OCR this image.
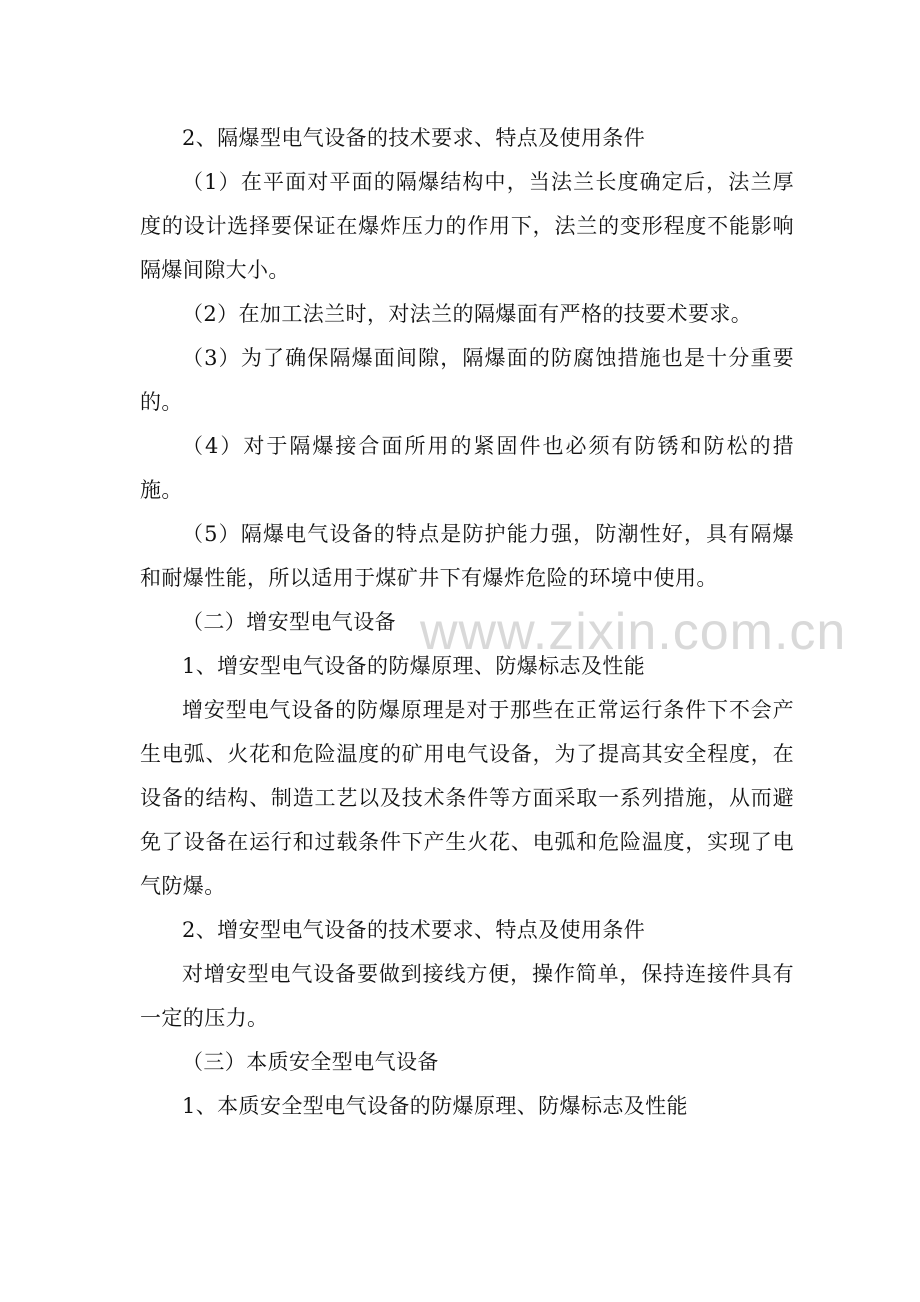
2、隔爆型电气设备的技术要求、特点及使用条件

（1）在平面对平面的隔爆结构中，当法兰长度确定后，法兰厚度的设计选择要保证在爆炸压力的作用下，法兰的变形程度不能影响隔爆间隙大小。

（2）在加工法兰时，对法兰的隔爆面有严格的技要术要求。

（3）为了确保隔爆面间隙，隔爆面的防腐蚀措施也是十分重要的。

（4）对于隔爆接合面所用的紧固件也必须有防锈和防松的措施。

（5）隔爆电气设备的特点是防护能力强，防潮性好，具有隔爆和耐爆性能，所以适用于煤矿井下有爆炸危险的环境中使用。

（二）增安型电气设备

1、增安型电气设备的防爆原理、防爆标志及性能

增安型电气设备的防爆原理是对于那些在正常运行条件下不会产生电弧、火花和危险温度的矿用电气设备，为了提高其安全程度，在设备的结构、制造工艺以及技术条件等方面采取一系列措施，从而避免了设备在运行和过载条件下产生火花、电弧和危险温度，实现了电气防爆。

2、增安型电气设备的技术要求、特点及使用条件

对增安型电气设备要做到接线方便，操作简单，保持连接件具有一定的压力。

（三）本质安全型电气设备

1、本质安全型电气设备的防爆原理、防爆标志及性能

www.zixin.com.cn
